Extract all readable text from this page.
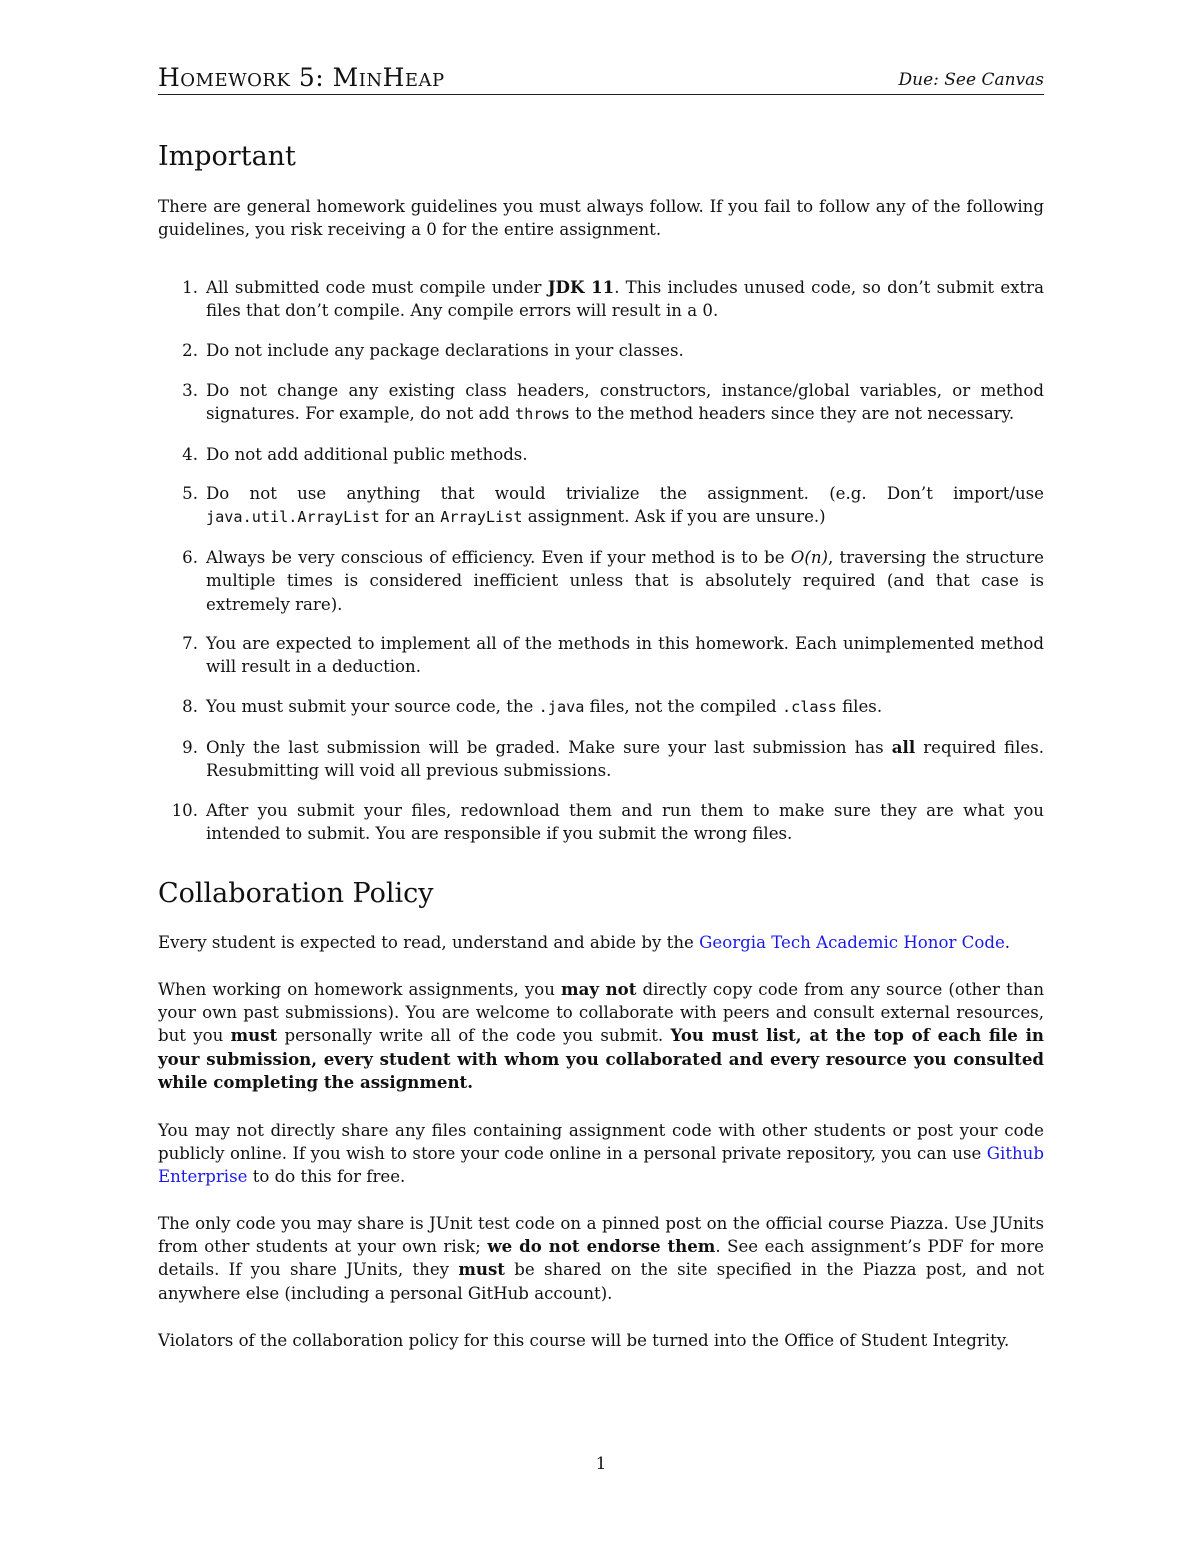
Homework 5: MinHeap	Due: See Canvas
Important

There are general homework guidelines you must always follow. If you fail to follow any of the following guidelines, you risk receiving a 0 for the entire assignment.

1. All submitted code must compile under JDK 11. This includes unused code, so don’t submit extra files that don’t compile. Any compile errors will result in a 0.
2. Do not include any package declarations in your classes.
3. Do not change any existing class headers, constructors, instance/global variables, or method signatures. For example, do not add throws to the method headers since they are not necessary.
4. Do not add additional public methods.
5. Do not use anything that would trivialize the assignment. (e.g. Don’t import/use java.util.ArrayList for an ArrayList assignment. Ask if you are unsure.)
6. Always be very conscious of efficiency. Even if your method is to be O(n), traversing the structure multiple times is considered inefficient unless that is absolutely required (and that case is extremely rare).
7. You are expected to implement all of the methods in this homework. Each unimplemented method will result in a deduction.
8. You must submit your source code, the .java files, not the compiled .class files.
9. Only the last submission will be graded. Make sure your last submission has all required files. Resubmitting will void all previous submissions.
10. After you submit your files, redownload them and run them to make sure they are what you intended to submit. You are responsible if you submit the wrong files.
Collaboration Policy

Every student is expected to read, understand and abide by the Georgia Tech Academic Honor Code.

When working on homework assignments, you may not directly copy code from any source (other than your own past submissions). You are welcome to collaborate with peers and consult external resources, but you must personally write all of the code you submit. You must list, at the top of each file in your submission, every student with whom you collaborated and every resource you consulted while completing the assignment.

You may not directly share any files containing assignment code with other students or post your code publicly online. If you wish to store your code online in a personal private repository, you can use Github Enterprise to do this for free.

The only code you may share is JUnit test code on a pinned post on the official course Piazza. Use JUnits from other students at your own risk; we do not endorse them. See each assignment’s PDF for more details. If you share JUnits, they must be shared on the site specified in the Piazza post, and not anywhere else (including a personal GitHub account).

Violators of the collaboration policy for this course will be turned into the Office of Student Integrity.

1
